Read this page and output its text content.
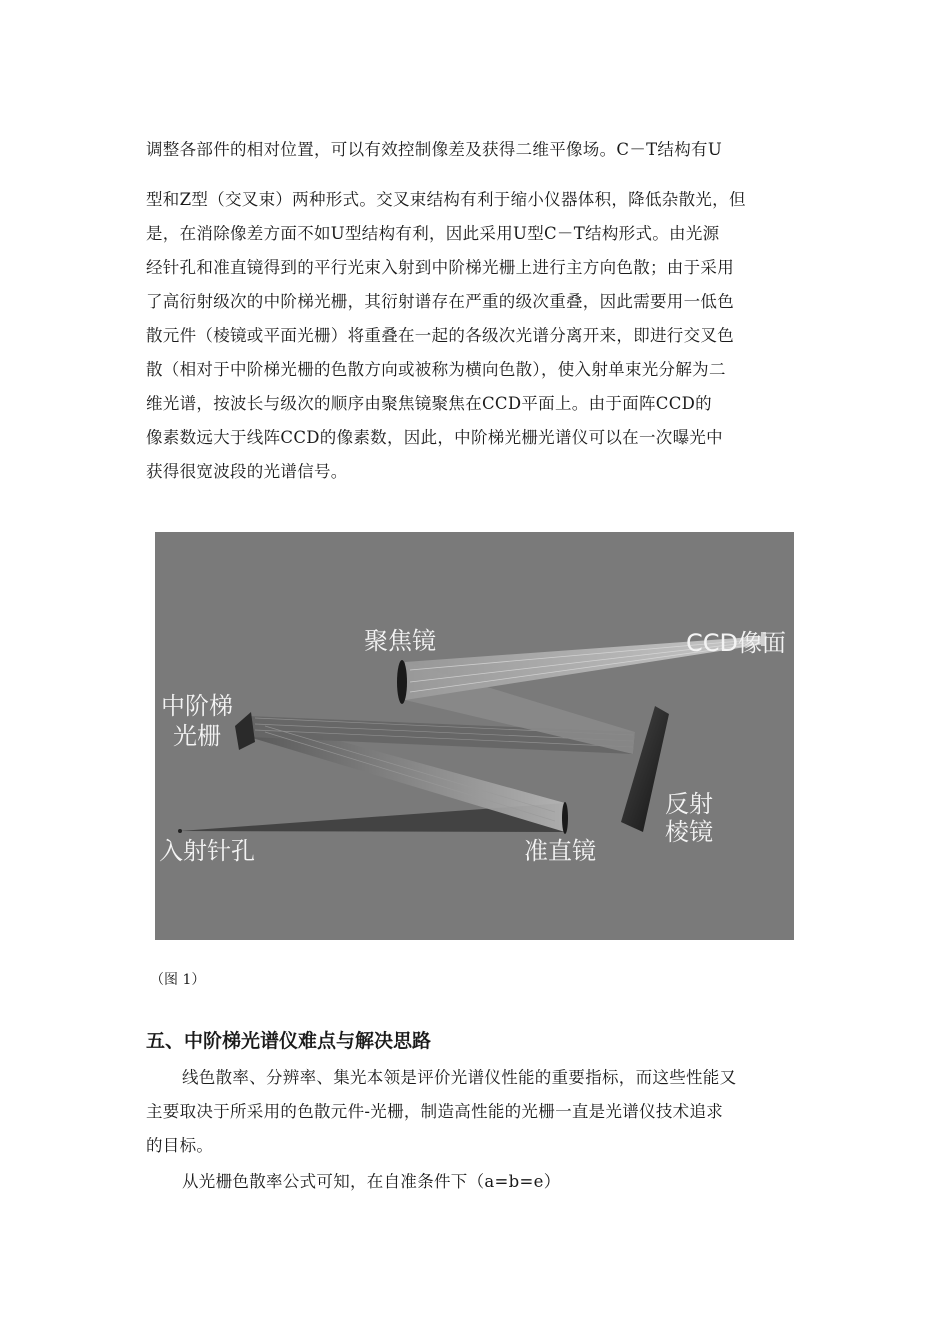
调整各部件的相对位置，可以有效控制像差及获得二维平像场。C－T结构有U
型和Z型（交叉束）两种形式。交叉束结构有利于缩小仪器体积，降低杂散光，但
是，在消除像差方面不如U型结构有利，因此采用U型C－T结构形式。由光源
经针孔和准直镜得到的平行光束入射到中阶梯光栅上进行主方向色散；由于采用
了高衍射级次的中阶梯光栅，其衍射谱存在严重的级次重叠，因此需要用一低色
散元件（棱镜或平面光栅）将重叠在一起的各级次光谱分离开来，即进行交叉色
散（相对于中阶梯光栅的色散方向或被称为横向色散），使入射单束光分解为二
维光谱，按波长与级次的顺序由聚焦镜聚焦在CCD平面上。由于面阵CCD的
像素数远大于线阵CCD的像素数，因此，中阶梯光栅光谱仪可以在一次曝光中
获得很宽波段的光谱信号。
聚焦镜	CCD像面
中阶梯
光栅
反射
棱镜
入射针孔	准直镜
（图 1）
五、中阶梯光谱仪难点与解决思路
线色散率、分辨率、集光本领是评价光谱仪性能的重要指标，而这些性能又
主要取决于所采用的色散元件-光栅，制造高性能的光栅一直是光谱仪技术追求
的目标。
从光栅色散率公式可知，在自准条件下（a=b=e）
